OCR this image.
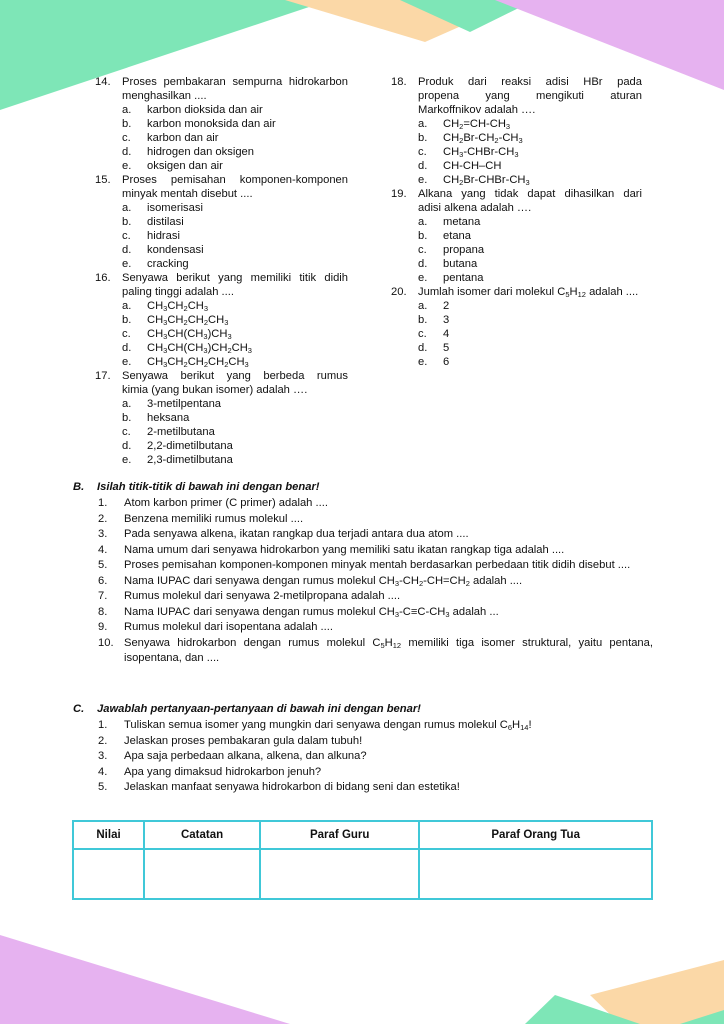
14. Proses pembakaran sempurna hidrokarbon
menghasilkan ....
a. karbon dioksida dan air
b. karbon monoksida dan air
c. karbon dan air
d. hidrogen dan oksigen
e. oksigen dan air
15. Proses pemisahan komponen-komponen
minyak mentah disebut ....
a. isomerisasi
b. distilasi
c. hidrasi
d. kondensasi
e. cracking
16. Senyawa berikut yang memiliki titik didih
paling tinggi adalah ....
a. $CH_3CH_2CH_3$
b. $CH_3CH_2CH_2CH_3$
c. $CH_3CH(CH_3)CH_3$
d. $CH_3CH(CH_3)CH_2CH_3$
e. $CH_3CH_2CH_2CH_2CH_3$
17. Senyawa berikut yang berbeda rumus
kimia (yang bukan isomer) adalah ….
a. 3-metilpentana
b. heksana
c. 2-metilbutana
d. 2,2-dimetilbutana
e. 2,3-dimetilbutana
18. Produk dari reaksi adisi HBr pada
propena yang mengikuti aturan
Markoffnikov adalah ….
a. $CH_2=CH-CH_3$
b. $CH_2Br-CH_2-CH_3$
c. $CH_3-CHBr-CH_3$
d. CH-CH–CH
e. $CH_2Br-CHBr-CH_3$
19. Alkana yang tidak dapat dihasilkan dari
adisi alkena adalah ….
a. metana
b. etana
c. propana
d. butana
e. pentana
20. Jumlah isomer dari molekul $C_5H_{12}$ adalah ....
a. 2
b. 3
c. 4
d. 5
e. 6
B. Isilah titik-titik di bawah ini dengan benar!
1. Atom karbon primer (C primer) adalah ....
2. Benzena memiliki rumus molekul ....
3. Pada senyawa alkena, ikatan rangkap dua terjadi antara dua atom ....
4. Nama umum dari senyawa hidrokarbon yang memiliki satu ikatan rangkap tiga adalah ....
5. Proses pemisahan komponen-komponen minyak mentah berdasarkan perbedaan titik didih disebut ....
6. Nama IUPAC dari senyawa dengan rumus molekul $CH_3-CH_2-CH=CH_2$ adalah ....
7. Rumus molekul dari senyawa 2-metilpropana adalah ....
8. Nama IUPAC dari senyawa dengan rumus molekul $CH_3-C\equiv C-CH_3$ adalah ...
9. Rumus molekul dari isopentana adalah ....
10. Senyawa hidrokarbon dengan rumus molekul $C_5H_{12}$ memiliki tiga isomer struktural, yaitu pentana, isopentana, dan ....
C. Jawablah pertanyaan-pertanyaan di bawah ini dengan benar!
1. Tuliskan semua isomer yang mungkin dari senyawa dengan rumus molekul $C_6H_{14}$!
2. Jelaskan proses pembakaran gula dalam tubuh!
3. Apa saja perbedaan alkana, alkena, dan alkuna?
4. Apa yang dimaksud hidrokarbon jenuh?
5. Jelaskan manfaat senyawa hidrokarbon di bidang seni dan estetika!
Nilai	Catatan	Paraf Guru	Paraf Orang Tua
